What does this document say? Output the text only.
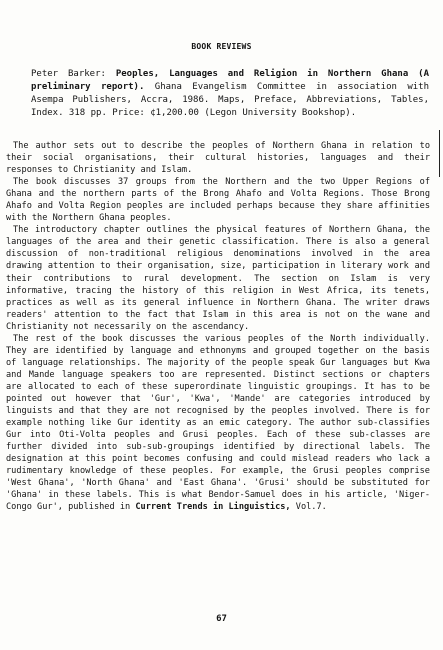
BOOK REVIEWS
Peter Barker: Peoples, Languages and Religion in Northern Ghana (A preliminary report). Ghana Evangelism Committee in association with Asempa Publishers, Accra, 1986. Maps, Preface, Abbreviations, Tables, Index. 318 pp. Price: ¢1,200.00 (Legon University Bookshop).

The author sets out to describe the peoples of Northern Ghana in relation to their social organisations, their cultural histories, languages and their responses to Christianity and Islam.

The book discusses 37 groups from the Northern and the two Upper Regions of Ghana and the northern parts of the Brong Ahafo and Volta Regions. Those Brong Ahafo and Volta Region peoples are included perhaps because they share affinities with the Northern Ghana peoples.

The introductory chapter outlines the physical features of Northern Ghana, the languages of the area and their genetic classification. There is also a general discussion of non-traditional religious denominations involved in the area drawing attention to their organisation, size, participation in literary work and their contributions to rural development. The section on Islam is very informative, tracing the history of this religion in West Africa, its tenets, practices as well as its general influence in Northern Ghana. The writer draws readers' attention to the fact that Islam in this area is not on the wane and Christianity not necessarily on the ascendancy.

The rest of the book discusses the various peoples of the North individually. They are identified by language and ethnonyms and grouped together on the basis of language relationships. The majority of the people speak Gur languages but Kwa and Mande language speakers too are represented. Distinct sections or chapters are allocated to each of these superordinate linguistic groupings. It has to be pointed out however that 'Gur', 'Kwa', 'Mande' are categories introduced by linguists and that they are not recognised by the peoples involved. There is for example nothing like Gur identity as an emic category. The author sub-classifies Gur into Oti-Volta peoples and Grusi peoples. Each of these sub-classes are further divided into sub-sub-groupings identified by directional labels. The designation at this point becomes confusing and could mislead readers who lack a rudimentary knowledge of these peoples. For example, the Grusi peoples comprise 'West Ghana', 'North Ghana' and 'East Ghana'. 'Grusi' should be substituted for 'Ghana' in these labels. This is what Bendor-Samuel does in his article, 'Niger-Congo Gur', published in Current Trends in Linguistics, Vol.7.

67
